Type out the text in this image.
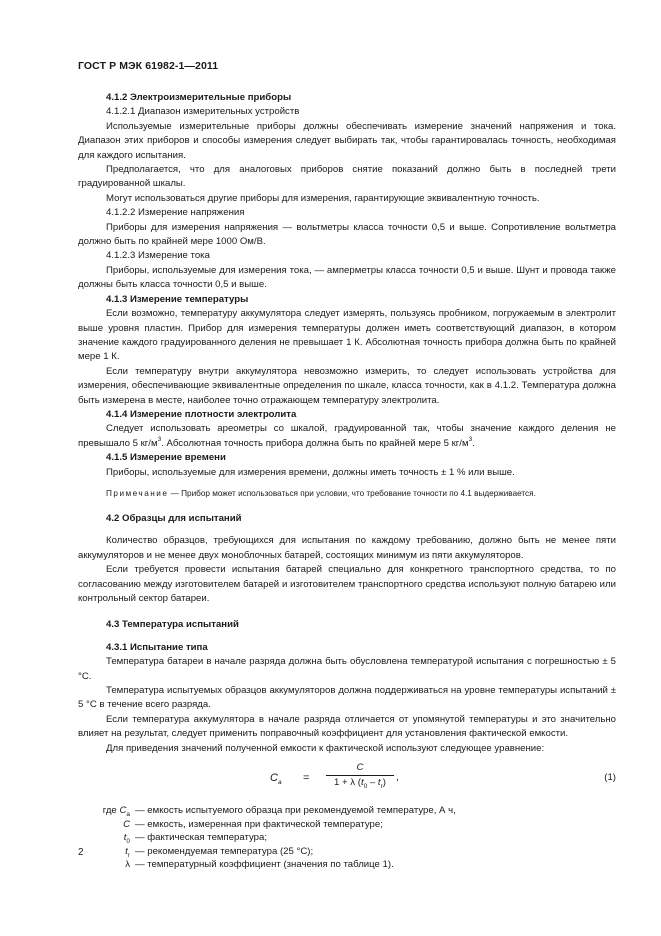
ГОСТ Р МЭК 61982-1—2011
4.1.2 Электроизмерительные приборы
4.1.2.1 Диапазон измерительных устройств
Используемые измерительные приборы должны обеспечивать измерение значений напряжения и тока. Диапазон этих приборов и способы измерения следует выбирать так, чтобы гарантировалась точность, необходимая для каждого испытания.
Предполагается, что для аналоговых приборов снятие показаний должно быть в последней трети градуированной шкалы.
Могут использоваться другие приборы для измерения, гарантирующие эквивалентную точность.
4.1.2.2 Измерение напряжения
Приборы для измерения напряжения — вольтметры класса точности 0,5 и выше. Сопротивление вольтметра должно быть по крайней мере 1000 Ом/В.
4.1.2.3 Измерение тока
Приборы, используемые для измерения тока, — амперметры класса точности 0,5 и выше. Шунт и провода также должны быть класса точности 0,5 и выше.
4.1.3 Измерение температуры
Если возможно, температуру аккумулятора следует измерять, пользуясь пробником, погружаемым в электролит выше уровня пластин. Прибор для измерения температуры должен иметь соответствующий диапазон, в котором значение каждого градуированного деления не превышает 1 К. Абсолютная точность прибора должна быть по крайней мере 1 К.
Если температуру внутри аккумулятора невозможно измерить, то следует использовать устройства для измерения, обеспечивающие эквивалентные определения по шкале, класса точности, как в 4.1.2. Температура должна быть измерена в месте, наиболее точно отражающем температуру электролита.
4.1.4 Измерение плотности электролита
Следует использовать ареометры со шкалой, градуированной так, чтобы значение каждого деления не превышало 5 $кг/м^3$. Абсолютная точность прибора должна быть по крайней мере 5 $кг/м^3$.
4.1.5 Измерение времени
Приборы, используемые для измерения времени, должны иметь точность ± 1 % или выше.
Примечание — Прибор может использоваться при условии, что требование точности по 4.1 выдерживается.
4.2 Образцы для испытаний
Количество образцов, требующихся для испытания по каждому требованию, должно быть не менее пяти аккумуляторов и не менее двух моноблочных батарей, состоящих минимум из пяти аккумуляторов.
Если требуется провести испытания батарей специально для конкретного транспортного средства, то по согласованию между изготовителем батарей и изготовителем транспортного средства используют полную батарею или контрольный сектор батареи.
4.3 Температура испытаний
4.3.1 Испытание типа
Температура батареи в начале разряда должна быть обусловлена температурой испытания с погрешностью ± 5 °С.
Температура испытуемых образцов аккумуляторов должна поддерживаться на уровне температуры испытаний ± 5 °С в течение всего разряда.
Если температура аккумулятора в начале разряда отличается от упомянутой температуры и это значительно влияет на результат, следует применить поправочный коэффициент для установления фактической емкости.
Для приведения значений полученной емкости к фактической используют следующее уравнение:
$C_a$ =
C
1 + λ $(t_0 - t_r)$	,	(1)
где $C_a$ — емкость испытуемого образца при рекомендуемой температуре, А ч,
C — емкость, измеренная при фактической температуре;
$t_0$ — фактическая температура;
$t_r$ — рекомендуемая температура (25 °С);
λ — температурный коэффициент (значения по таблице 1).
2
